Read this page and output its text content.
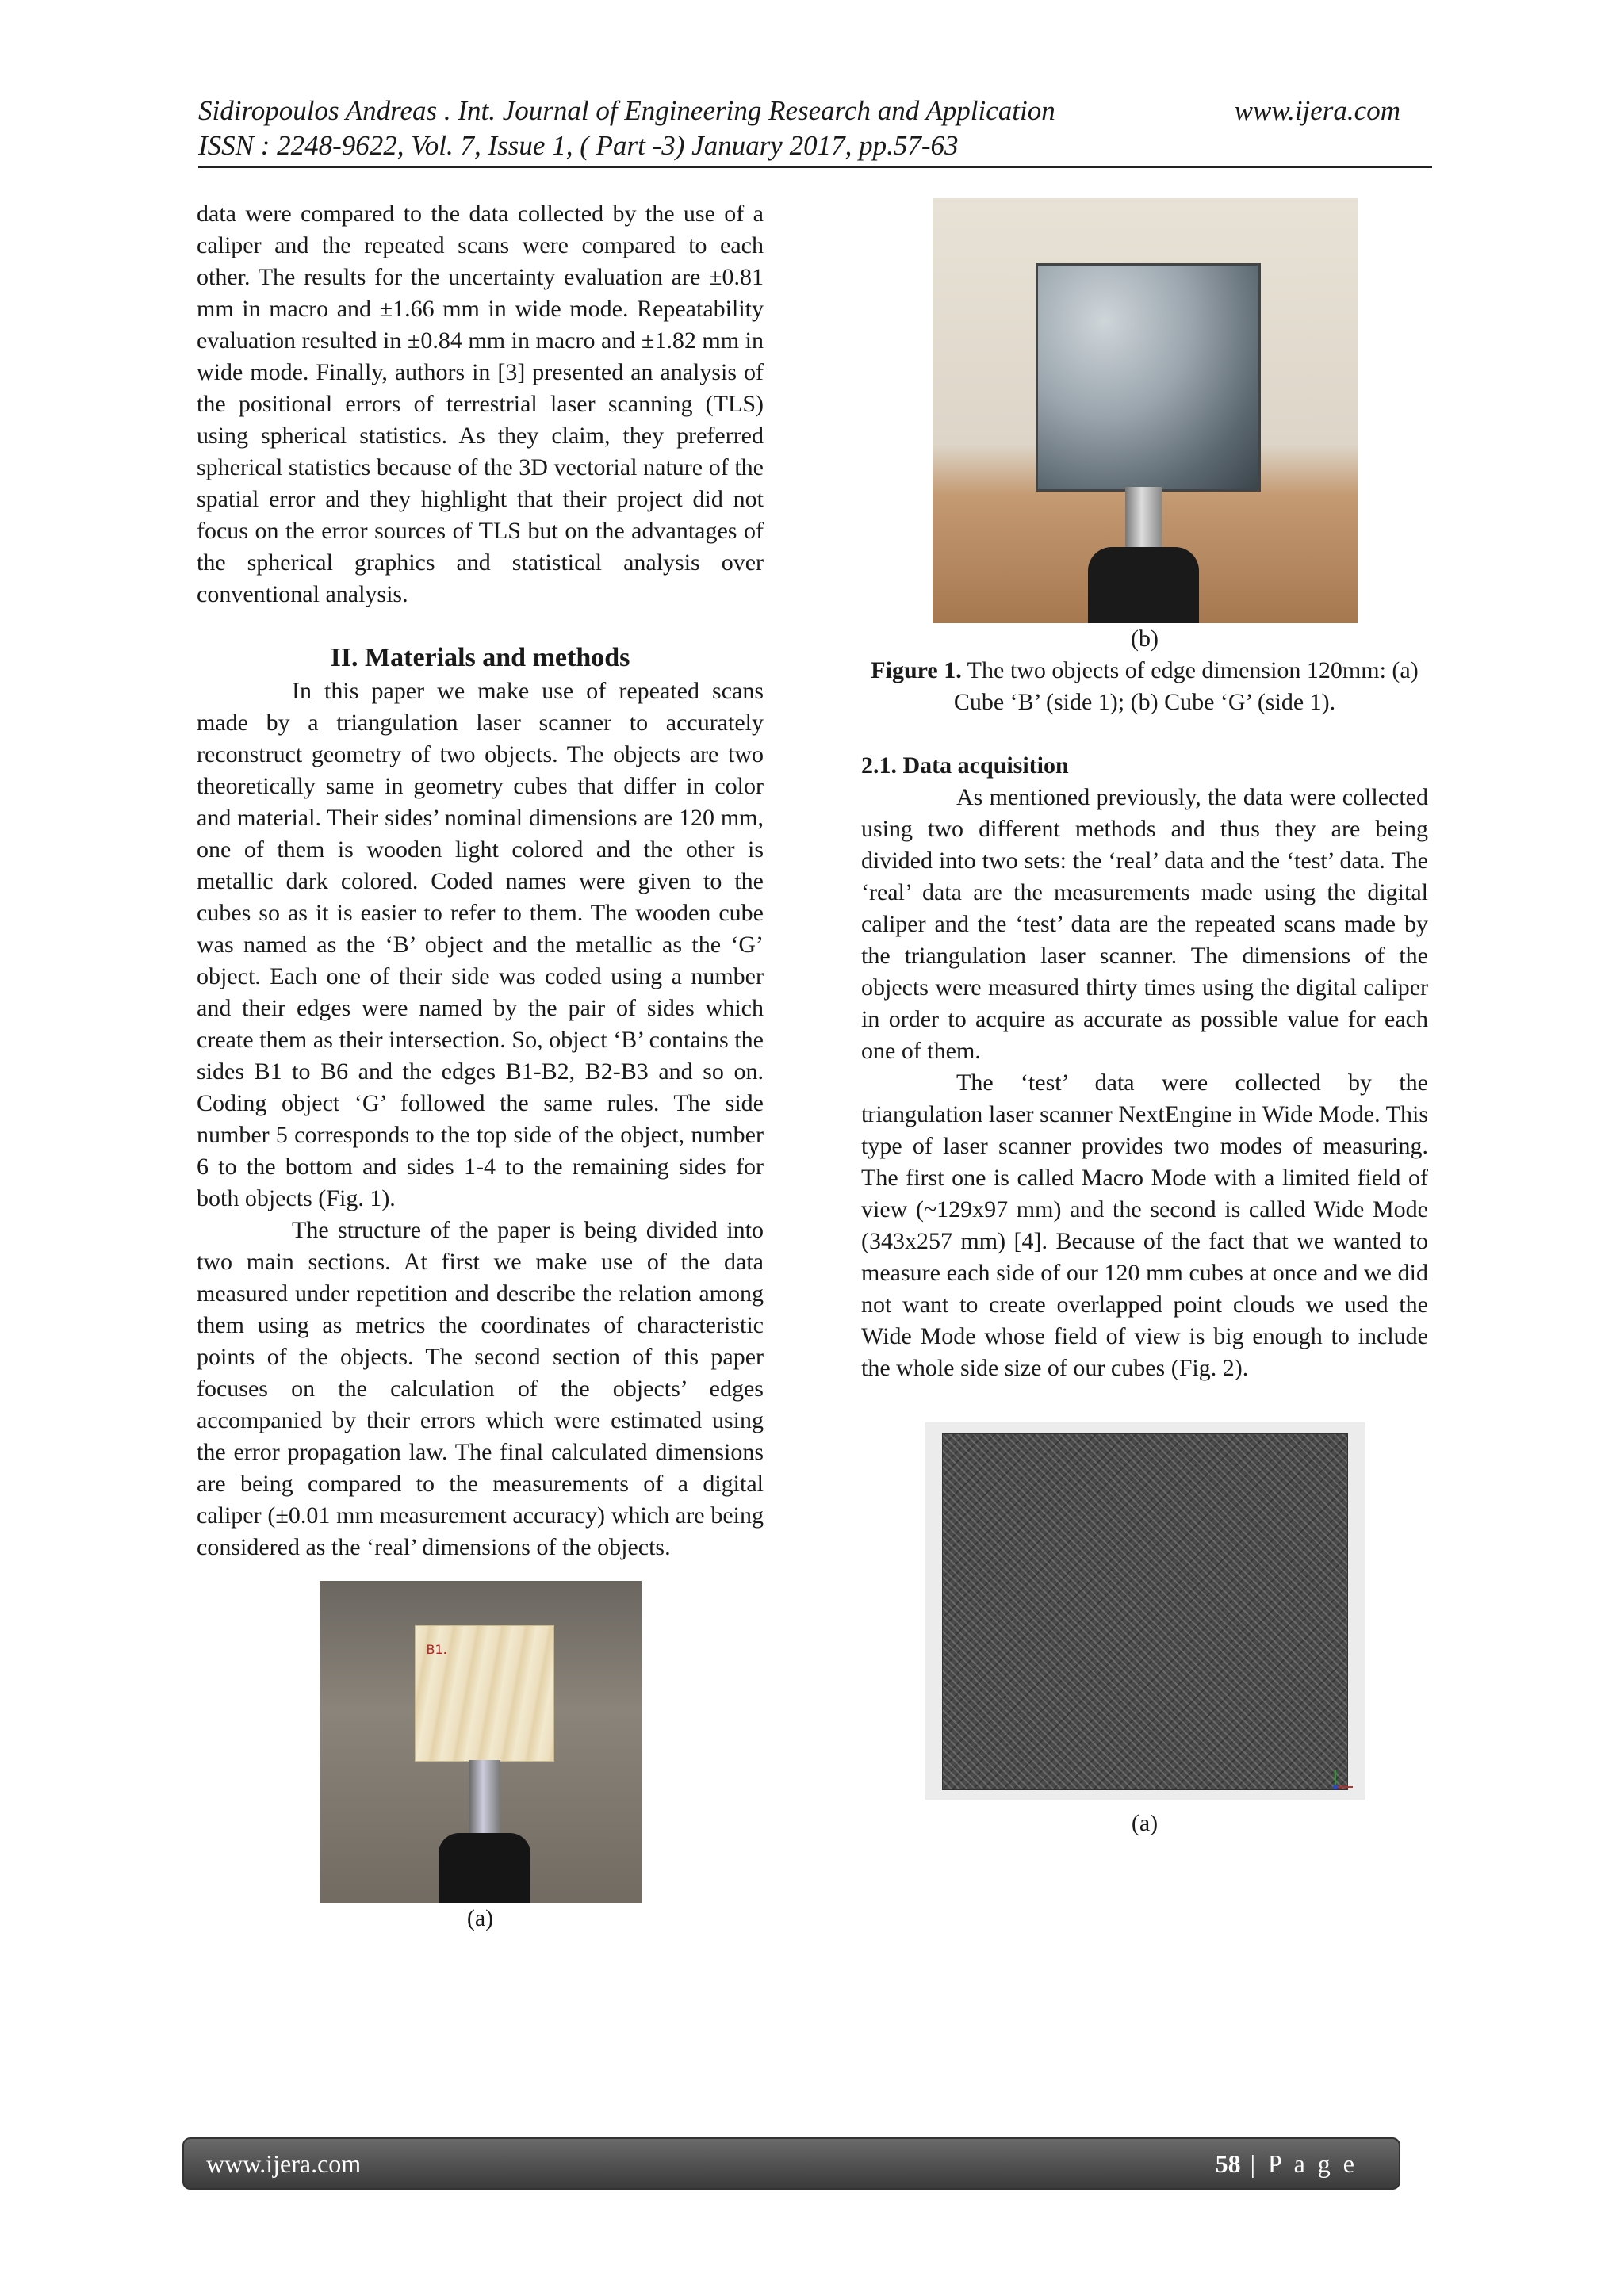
Sidiropoulos Andreas . Int. Journal of Engineering Research and Application	www.ijera.com
ISSN : 2248-9622, Vol. 7, Issue 1, ( Part -3) January 2017, pp.57-63

data were compared to the data collected by the use of a caliper and the repeated scans were compared to each other. The results for the uncertainty evaluation are ±0.81 mm in macro and ±1.66 mm in wide mode. Repeatability evaluation resulted in ±0.84 mm in macro and ±1.82 mm in wide mode. Finally, authors in [3] presented an analysis of the positional errors of terrestrial laser scanning (TLS) using spherical statistics. As they claim, they preferred spherical statistics because of the 3D vectorial nature of the spatial error and they highlight that their project did not focus on the error sources of TLS but on the advantages of the spherical graphics and statistical analysis over conventional analysis.

II. Materials and methods

In this paper we make use of repeated scans made by a triangulation laser scanner to accurately reconstruct geometry of two objects. The objects are two theoretically same in geometry cubes that differ in color and material. Their sides’ nominal dimensions are 120 mm, one of them is wooden light colored and the other is metallic dark colored. Coded names were given to the cubes so as it is easier to refer to them. The wooden cube was named as the ‘B’ object and the metallic as the ‘G’ object. Each one of their side was coded using a number and their edges were named by the pair of sides which create them as their intersection. So, object ‘B’ contains the sides B1 to B6 and the edges B1-B2, B2-B3 and so on. Coding object ‘G’ followed the same rules. The side number 5 corresponds to the top side of the object, number 6 to the bottom and sides 1-4 to the remaining sides for both objects (Fig. 1).

The structure of the paper is being divided into two main sections. At first we make use of the data measured under repetition and describe the relation among them using as metrics the coordinates of characteristic points of the objects. The second section of this paper focuses on the calculation of the objects’ edges accompanied by their errors which were estimated using the error propagation law. The final calculated dimensions are being compared to the measurements of a digital caliper (±0.01 mm measurement accuracy) which are being considered as the ‘real’ dimensions of the objects.

B1.
(a)
(b)
Figure 1. The two objects of edge dimension 120mm: (a) Cube ‘B’ (side 1); (b) Cube ‘G’ (side 1).
2.1. Data acquisition

As mentioned previously, the data were collected using two different methods and thus they are being divided into two sets: the ‘real’ data and the ‘test’ data. The ‘real’ data are the measurements made using the digital caliper and the ‘test’ data are the repeated scans made by the triangulation laser scanner. The dimensions of the objects were measured thirty times using the digital caliper in order to acquire as accurate as possible value for each one of them.

The ‘test’ data were collected by the triangulation laser scanner NextEngine in Wide Mode. This type of laser scanner provides two modes of measuring. The first one is called Macro Mode with a limited field of view (~129x97 mm) and the second is called Wide Mode (343x257 mm) [4]. Because of the fact that we wanted to measure each side of our 120 mm cubes at once and we did not want to create overlapped point clouds we used the Wide Mode whose field of view is big enough to include the whole side size of our cubes (Fig. 2).

(a)
www.ijera.com	58 | P a g e
